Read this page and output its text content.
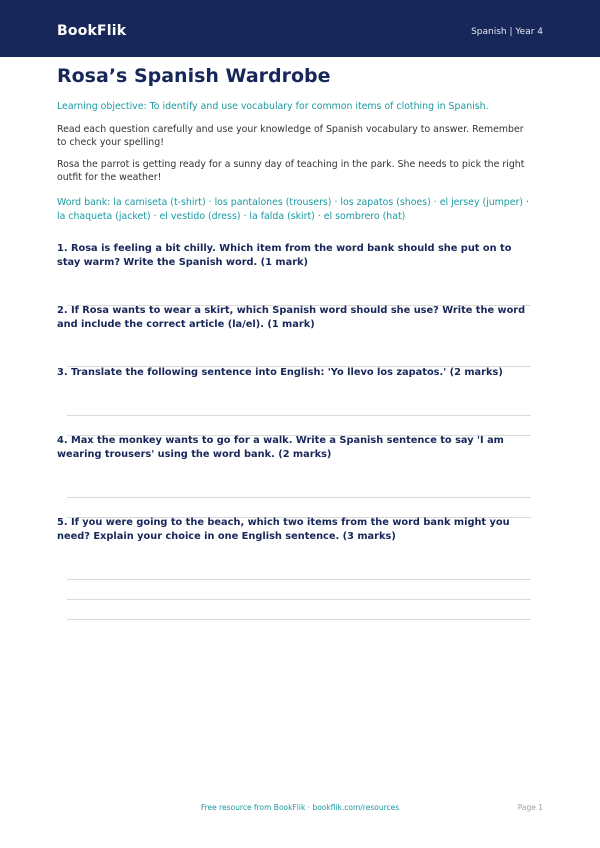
BookFlik	Spanish | Year 4
Rosa’s Spanish Wardrobe
Learning objective: To identify and use vocabulary for common items of clothing in Spanish.
Read each question carefully and use your knowledge of Spanish vocabulary to answer. Remember to check your spelling!
Rosa the parrot is getting ready for a sunny day of teaching in the park. She needs to pick the right outfit for the weather!
Word bank: la camiseta (t-shirt) · los pantalones (trousers) · los zapatos (shoes) · el jersey (jumper) · la chaqueta (jacket) · el vestido (dress) · la falda (skirt) · el sombrero (hat)
1. Rosa is feeling a bit chilly. Which item from the word bank should she put on to stay warm? Write the Spanish word. (1 mark)
2. If Rosa wants to wear a skirt, which Spanish word should she use? Write the word and include the correct article (la/el). (1 mark)
3. Translate the following sentence into English: 'Yo llevo los zapatos.' (2 marks)
4. Max the monkey wants to go for a walk. Write a Spanish sentence to say 'I am wearing trousers' using the word bank. (2 marks)
5. If you were going to the beach, which two items from the word bank might you need? Explain your choice in one English sentence. (3 marks)
Free resource from BookFlik · bookflik.com/resources	Page 1
